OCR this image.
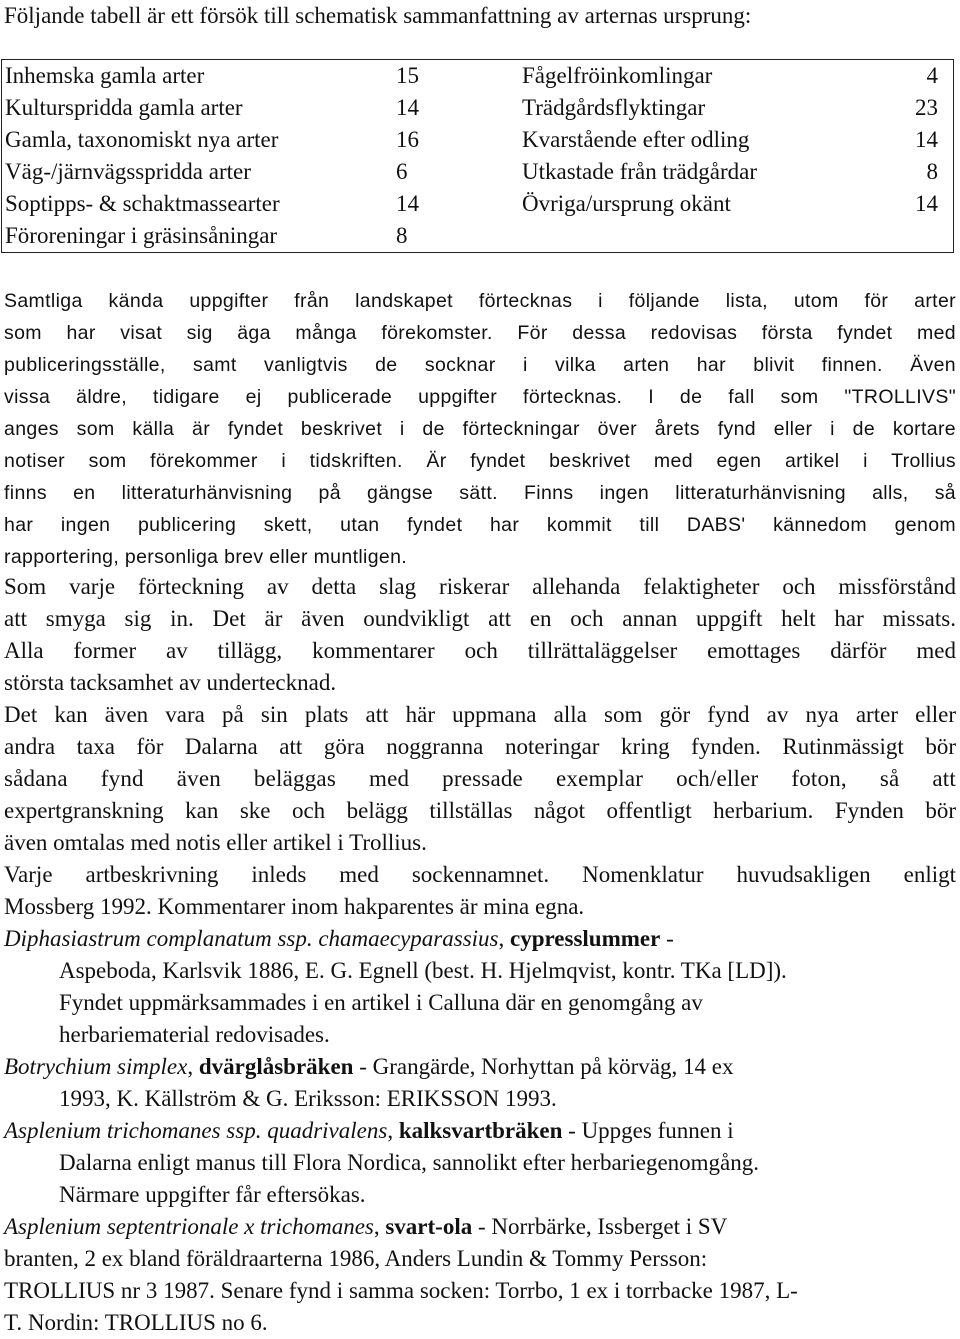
Följande tabell är ett försök till schematisk sammanfattning av arternas ursprung:
Inhemska gamla arter	15	Fågelfröinkomlingar	4
Kulturspridda gamla arter	14	Trädgårdsflyktingar	23
Gamla, taxonomiskt nya arter	16	Kvarstående efter odling	14
Väg-/järnvägsspridda arter	6	Utkastade från trädgårdar	8
Soptipps- & schaktmassearter	14	Övriga/ursprung okänt	14
Föroreningar i gräsinsåningar	8
Samtliga kända uppgifter från landskapet förtecknas i följande lista, utom för arter
som har visat sig äga många förekomster. För dessa redovisas första fyndet med
publiceringsställe, samt vanligtvis de socknar i vilka arten har blivit finnen. Även
vissa äldre, tidigare ej publicerade uppgifter förtecknas. I de fall som "TROLLIVS"
anges som källa är fyndet beskrivet i de förteckningar över årets fynd eller i de kortare
notiser som förekommer i tidskriften. Är fyndet beskrivet med egen artikel i Trollius
finns en litteraturhänvisning på gängse sätt. Finns ingen litteraturhänvisning alls, så
har ingen publicering skett, utan fyndet har kommit till DABS' kännedom genom
rapportering, personliga brev eller muntligen.
Som varje förteckning av detta slag riskerar allehanda felaktigheter och missförstånd
att smyga sig in. Det är även oundvikligt att en och annan uppgift helt har missats.
Alla former av tillägg, kommentarer och tillrättaläggelser emottages därför med
största tacksamhet av undertecknad.
Det kan även vara på sin plats att här uppmana alla som gör fynd av nya arter eller
andra taxa för Dalarna att göra noggranna noteringar kring fynden. Rutinmässigt bör
sådana fynd även beläggas med pressade exemplar och/eller foton, så att
expertgranskning kan ske och belägg tillställas något offentligt herbarium. Fynden bör
även omtalas med notis eller artikel i Trollius.
Varje artbeskrivning inleds med sockennamnet. Nomenklatur huvudsakligen enligt
Mossberg 1992. Kommentarer inom hakparentes är mina egna.
Diphasiastrum complanatum ssp. chamaecyparassius, cypresslummer -
Aspeboda, Karlsvik 1886, E. G. Egnell (best. H. Hjelmqvist, kontr. TKa [LD]).
Fyndet uppmärksammades i en artikel i Calluna där en genomgång av
herbariematerial redovisades.
Botrychium simplex, dvärglåsbräken - Grangärde, Norhyttan på körväg, 14 ex
1993, K. Källström & G. Eriksson: ERIKSSON 1993.
Asplenium trichomanes ssp. quadrivalens, kalksvartbräken - Uppges funnen i
Dalarna enligt manus till Flora Nordica, sannolikt efter herbariegenomgång.
Närmare uppgifter får eftersökas.
Asplenium septentrionale x trichomanes, svart-ola - Norrbärke, Issberget i SV
branten, 2 ex bland föräldraarterna 1986, Anders Lundin & Tommy Persson:
TROLLIUS nr 3 1987. Senare fynd i samma socken: Torrbo, 1 ex i torrbacke 1987, L-
T. Nordin: TROLLIUS no 6.
